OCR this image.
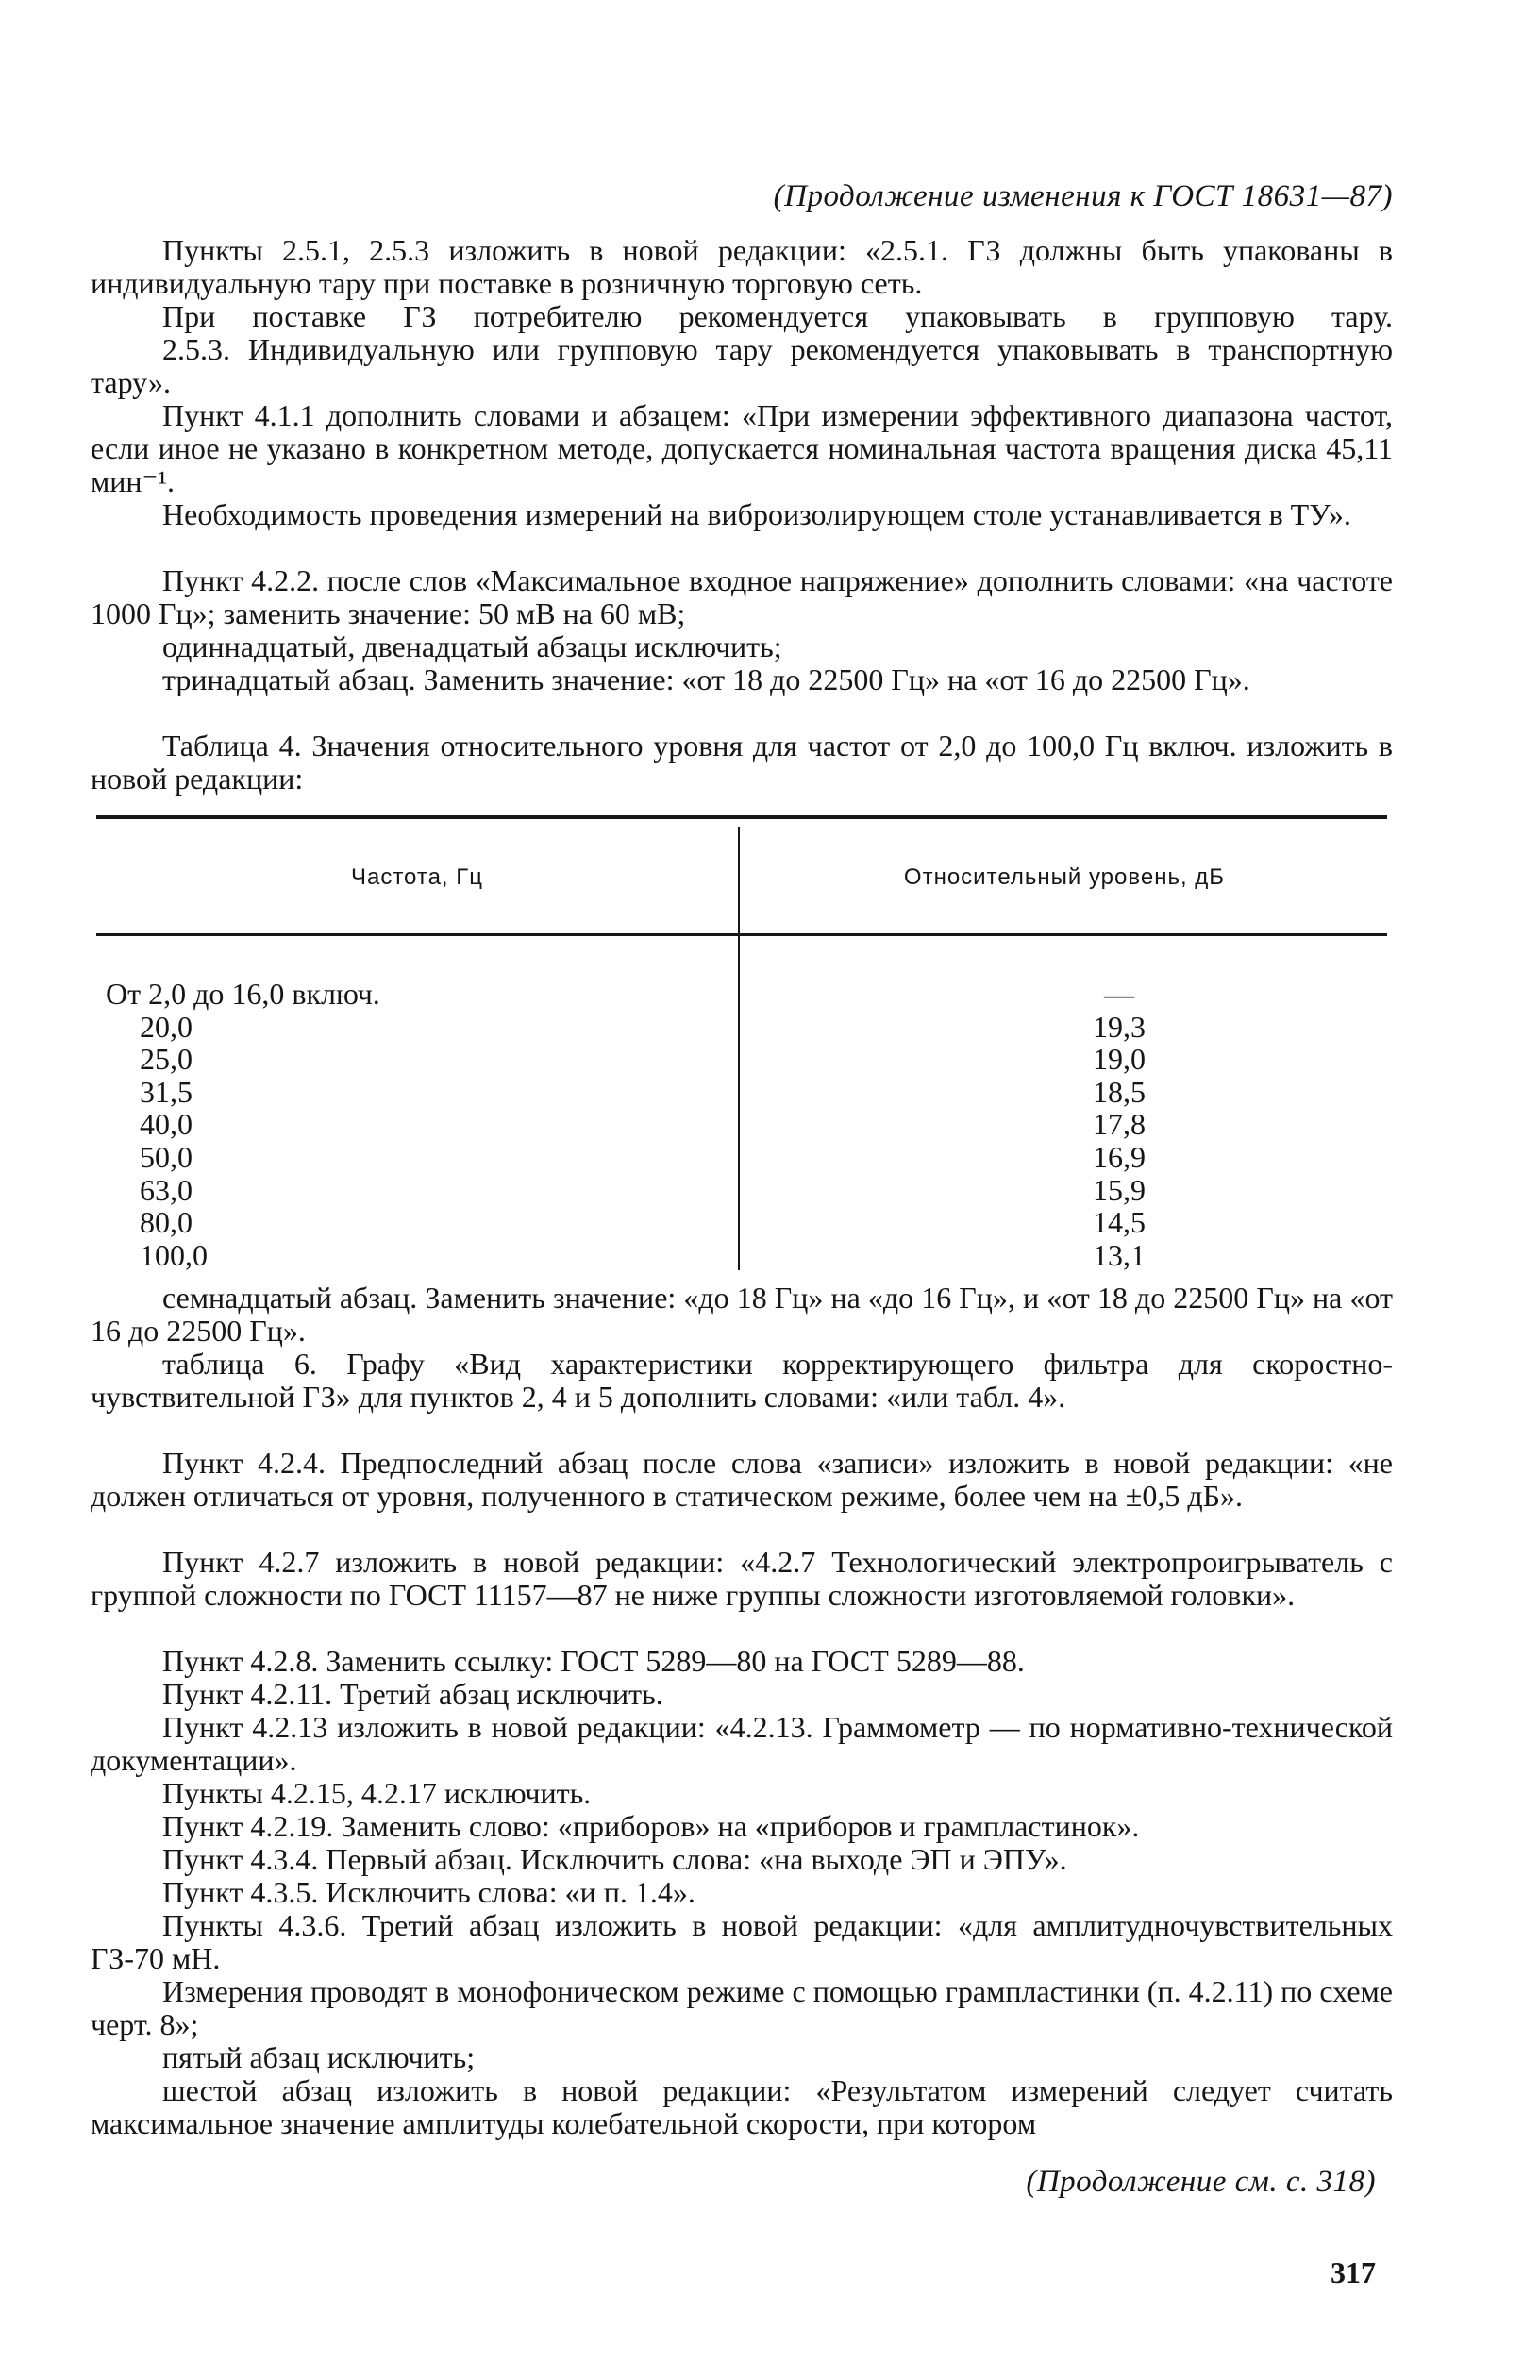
(Продолжение изменения к ГОСТ 18631—87)

Пункты 2.5.1, 2.5.3 изложить в новой редакции: «2.5.1. ГЗ должны быть упакованы в индивидуальную тару при поставке в розничную торговую сеть.

При поставке ГЗ потребителю рекомендуется упаковывать в групповую тару.

2.5.3. Индивидуальную или групповую тару рекомендуется упаковывать в транспортную тару».

Пункт 4.1.1 дополнить словами и абзацем: «При измерении эффективного диапазона частот, если иное не указано в конкретном методе, допускается номинальная частота вращения диска 45,11 мин⁻¹.

Необходимость проведения измерений на виброизолирующем столе устанавливается в ТУ».

Пункт 4.2.2. после слов «Максимальное входное напряжение» дополнить словами: «на частоте 1000 Гц»; заменить значение: 50 мВ на 60 мВ;

одиннадцатый, двенадцатый абзацы исключить;

тринадцатый абзац. Заменить значение: «от 18 до 22500 Гц» на «от 16 до 22500 Гц».

Таблица 4. Значения относительного уровня для частот от 2,0 до 100,0 Гц включ. изложить в новой редакции:

Частота, Гц	Относительный уровень, дБ
От 2,0 до 16,0 включ.
20,0
25,0
31,5
40,0
50,0
63,0
80,0
100,0
—
19,3
19,0
18,5
17,8
16,9
15,9
14,5
13,1

семнадцатый абзац. Заменить значение: «до 18 Гц» на «до 16 Гц», и «от 18 до 22500 Гц» на «от 16 до 22500 Гц».

таблица 6. Графу «Вид характеристики корректирующего фильтра для скоростно-чувствительной ГЗ» для пунктов 2, 4 и 5 дополнить словами: «или табл. 4».

Пункт 4.2.4. Предпоследний абзац после слова «записи» изложить в новой редакции: «не должен отличаться от уровня, полученного в статическом режиме, более чем на ±0,5 дБ».

Пункт 4.2.7 изложить в новой редакции: «4.2.7 Технологический электропроигрыватель с группой сложности по ГОСТ 11157—87 не ниже группы сложности изготовляемой головки».

Пункт 4.2.8. Заменить ссылку: ГОСТ 5289—80 на ГОСТ 5289—88.

Пункт 4.2.11. Третий абзац исключить.

Пункт 4.2.13 изложить в новой редакции: «4.2.13. Граммометр — по нормативно-технической документации».

Пункты 4.2.15, 4.2.17 исключить.

Пункт 4.2.19. Заменить слово: «приборов» на «приборов и грампластинок».

Пункт 4.3.4. Первый абзац. Исключить слова: «на выходе ЭП и ЭПУ».

Пункт 4.3.5. Исключить слова: «и п. 1.4».

Пункты 4.3.6. Третий абзац изложить в новой редакции: «для амплитудночувствительных ГЗ-70 мН.

Измерения проводят в монофоническом режиме с помощью грампластинки (п. 4.2.11) по схеме черт. 8»;

пятый абзац исключить;

шестой абзац изложить в новой редакции: «Результатом измерений следует считать максимальное значение амплитуды колебательной скорости, при котором

(Продолжение см. с. 318)
317
